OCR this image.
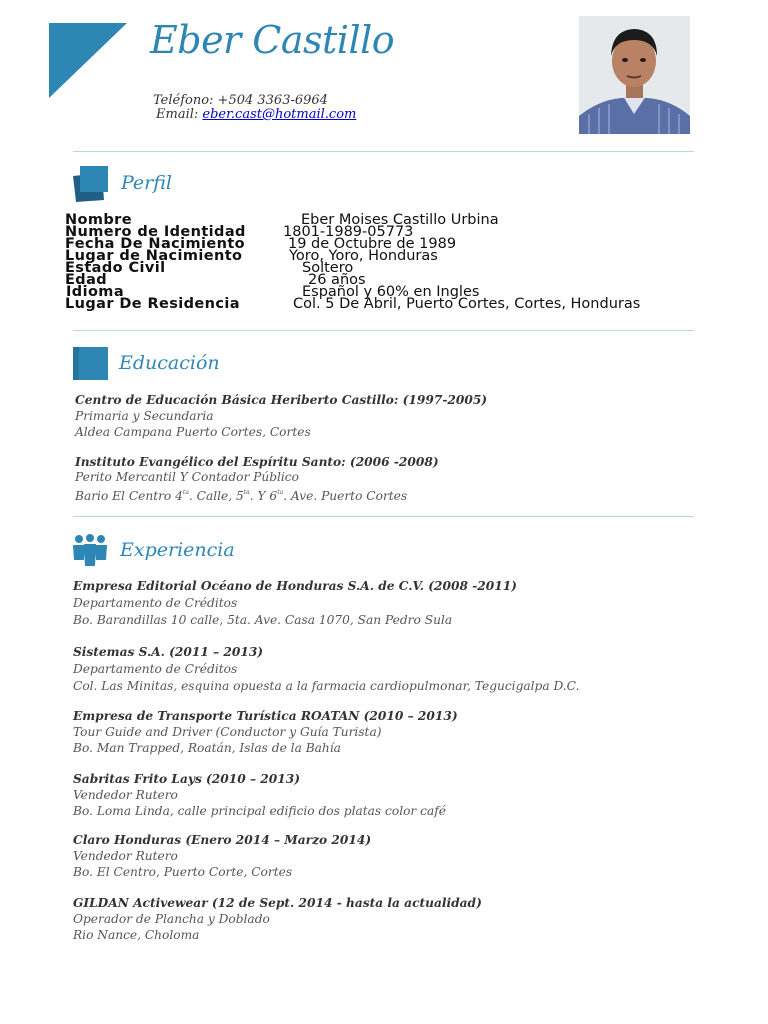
Eber Castillo
Teléfono: +504 3363-6964
Email: eber.cast@hotmail.com
Perfil
Nombre	Eber Moises Castillo Urbina
Numero de Identidad	1801-1989-05773
Fecha De Nacimiento	19 de Octubre de 1989
Lugar de Nacimiento	Yoro, Yoro, Honduras
Estado Civil	Soltero
Edad	26 años
Idioma	Español y 60% en Ingles
Lugar De Residencia	Col. 5 De Abril, Puerto Cortes, Cortes, Honduras
Educación
Centro de Educación Básica Heriberto Castillo: (1997-2005)
Primaria y Secundaria
Aldea Campana Puerto Cortes, Cortes
Instituto Evangélico del Espíritu Santo: (2006 -2008)
Perito Mercantil Y Contador Público
Bario El Centro $4^{ta}$. Calle, $5^{ta}$. Y $6^{ta}$. Ave. Puerto Cortes
Experiencia
Empresa Editorial Océano de Honduras S.A. de C.V. (2008 -2011)
Departamento de Créditos
Bo. Barandillas 10 calle, 5ta. Ave. Casa 1070, San Pedro Sula
Sistemas S.A. (2011 – 2013)
Departamento de Créditos
Col. Las Minitas, esquina opuesta a la farmacia cardiopulmonar, Tegucigalpa D.C.
Empresa de Transporte Turística ROATAN (2010 – 2013)
Tour Guide and Driver (Conductor y Guía Turista)
Bo. Man Trapped, Roatán, Islas de la Bahía
Sabritas Frito Lays (2010 – 2013)
Vendedor Rutero
Bo. Loma Linda, calle principal edificio dos platas color café
Claro Honduras (Enero 2014 – Marzo 2014)
Vendedor Rutero
Bo. El Centro, Puerto Corte, Cortes
GILDAN Activewear (12 de Sept. 2014 - hasta la actualidad)
Operador de Plancha y Doblado
Rio Nance, Choloma
